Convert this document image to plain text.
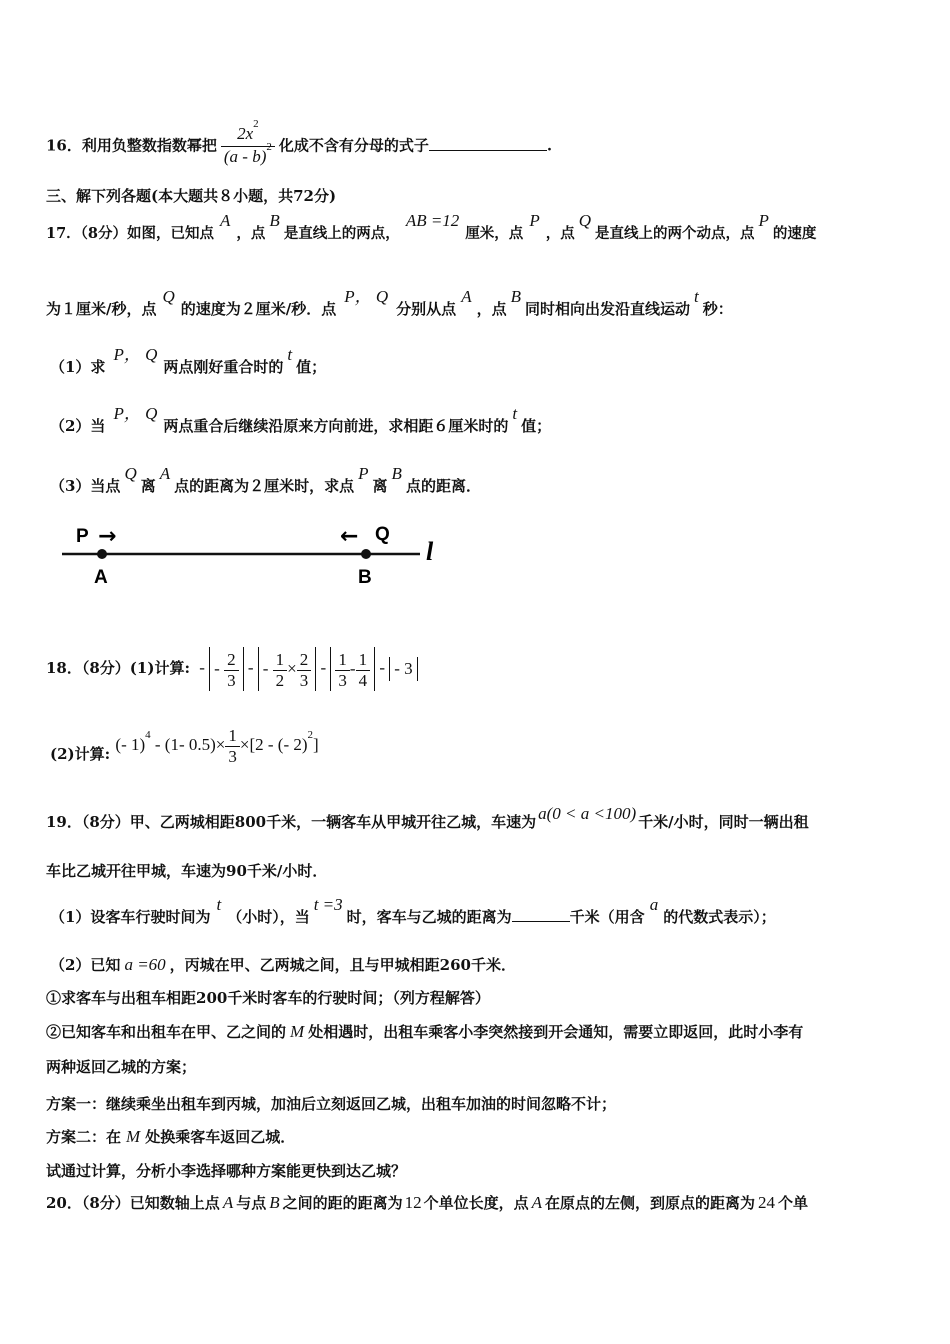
16．利用负整数指数幂把 $\frac{2x^2}{(a - b)^2}$ 化成不含有分母的式子	.
三、解下列各题(本大题共８小题，共72分)
17．（8分）如图，已知点A，点B是直线上的两点，AB =12厘米，点P，点Q是直线上的两个动点，点P的速度
为１厘米/秒，点Q的速度为２厘米/秒．点P， Q分别从点A，点B同时相向出发沿直线运动t秒：
（1）求P， Q两点刚好重合时的t值；
（2）当P， Q两点重合后继续沿原来方向前进，求相距６厘米时的t值；
（3）当点Q离A点的距离为２厘米时，求点P离B点的距离．
P →	← Q
A	B
l
18．（8分）(1)计算: - - $\frac{2}{3}$ - - $\frac{1}{2} \times \frac{2}{3} - \frac{1}{3} - \frac{1}{4}$ - - 3
(2)计算: (- 1)$^4$ - (1- $0.5)\times \frac{1}{3} \times[2$ - (- 2)$^2$]
19．（8分）甲、乙两城相距800千米，一辆客车从甲城开往乙城，车速为 a(0 < a <100) 千米/小时，同时一辆出租
车比乙城开往甲城，车速为90千米/小时．
（1）设客车行驶时间为t（小时），当t =3时，客车与乙城的距离为	千米（用含a的代数式表示）；
（2）已知 a =60 ，丙城在甲、乙两城之间，且与甲城相距260千米．
①求客车与出租车相距200千米时客车的行驶时间；（列方程解答）
②已知客车和出租车在甲、乙之间的 M 处相遇时，出租车乘客小李突然接到开会通知，需要立即返回，此时小李有
两种返回乙城的方案；
方案一：继续乘坐出租车到丙城，加油后立刻返回乙城，出租车加油的时间忽略不计；
方案二：在 M 处换乘客车返回乙城．
试通过计算，分析小李选择哪种方案能更快到达乙城？
20．（8分）已知数轴上点 A 与点 B 之间的距的距离为 12 个单位长度，点 A 在原点的左侧，到原点的距离为 24 个单
